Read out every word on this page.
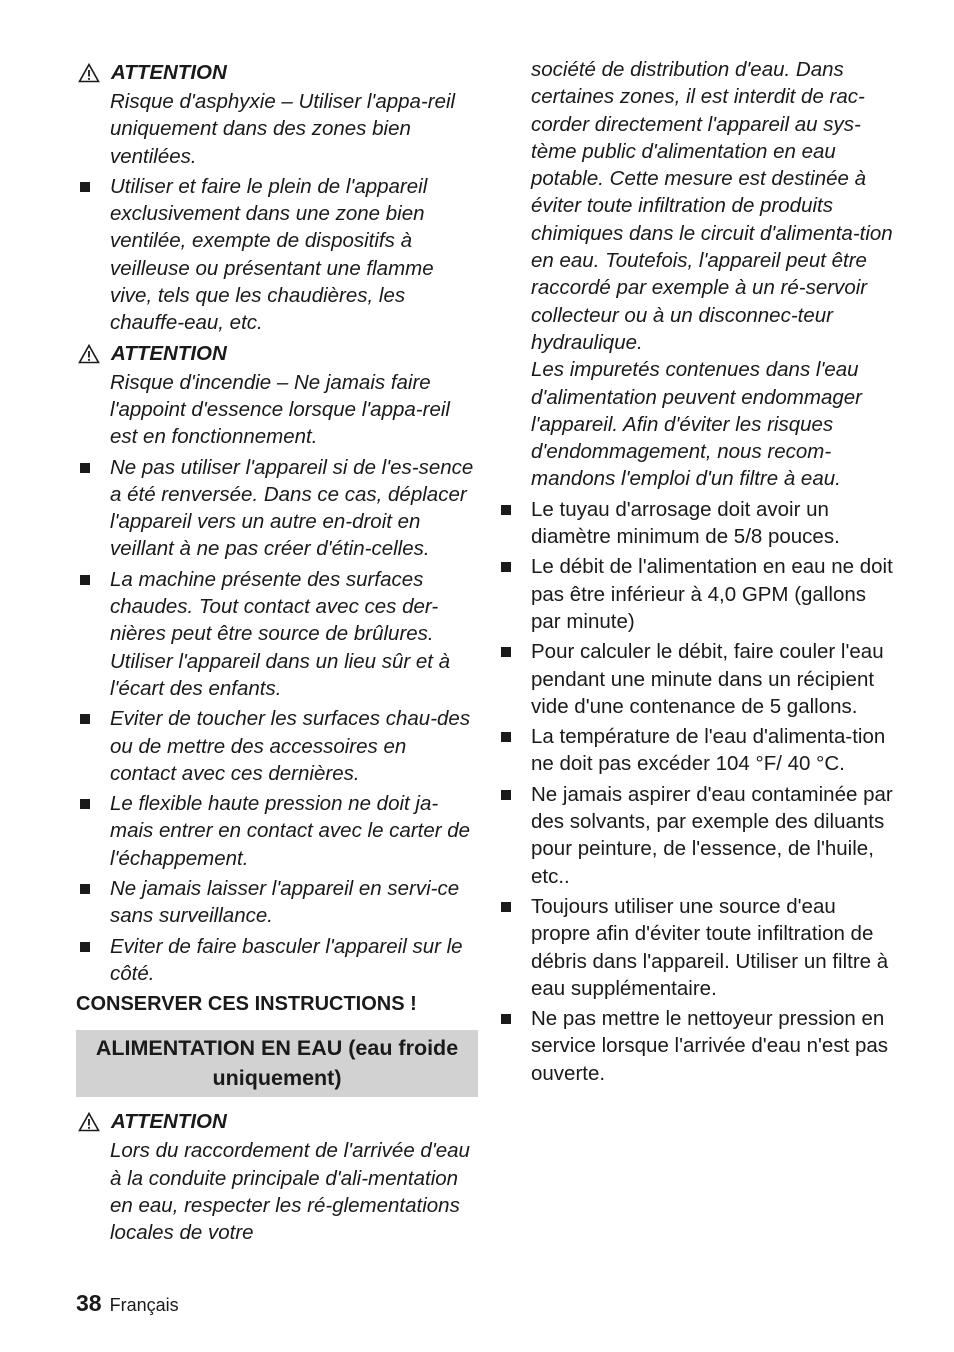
ATTENTION

Risque d'asphyxie – Utiliser l'appa-reil uniquement dans des zones bien ventilées.

Utiliser et faire le plein de l'appareil exclusivement dans une zone bien ventilée, exempte de dispositifs à veilleuse ou présentant une flamme vive, tels que les chaudières, les chauffe-eau, etc.
ATTENTION

Risque d'incendie – Ne jamais faire l'appoint d'essence lorsque l'appa-reil est en fonctionnement.

Ne pas utiliser l'appareil si de l'es-sence a été renversée. Dans ce cas, déplacer l'appareil vers un autre en-droit en veillant à ne pas créer d'étin-celles.
La machine présente des surfaces chaudes. Tout contact avec ces der-nières peut être source de brûlures. Utiliser l'appareil dans un lieu sûr et à l'écart des enfants.
Eviter de toucher les surfaces chau-des ou de mettre des accessoires en contact avec ces dernières.
Le flexible haute pression ne doit ja-mais entrer en contact avec le carter de l'échappement.
Ne jamais laisser l'appareil en servi-ce sans surveillance.
Eviter de faire basculer l'appareil sur le côté.
CONSERVER CES INSTRUCTIONS !
ALIMENTATION EN EAU (eau froide uniquement)
ATTENTION

Lors du raccordement de l'arrivée d'eau à la conduite principale d'ali-mentation en eau, respecter les ré-glementations locales de votre

société de distribution d'eau. Dans certaines zones, il est interdit de rac-corder directement l'appareil au sys-tème public d'alimentation en eau potable. Cette mesure est destinée à éviter toute infiltration de produits chimiques dans le circuit d'alimenta-tion en eau. Toutefois, l'appareil peut être raccordé par exemple à un ré-servoir collecteur ou à un disconnec-teur hydraulique.

Les impuretés contenues dans l'eau d'alimentation peuvent endommager l'appareil. Afin d'éviter les risques d'endommagement, nous recom-mandons l'emploi d'un filtre à eau.

Le tuyau d'arrosage doit avoir un diamètre minimum de 5/8 pouces.
Le débit de l'alimentation en eau ne doit pas être inférieur à 4,0 GPM (gallons par minute)
Pour calculer le débit, faire couler l'eau pendant une minute dans un récipient vide d'une contenance de 5 gallons.
La température de l'eau d'alimenta-tion ne doit pas excéder 104 °F/ 40 °C.
Ne jamais aspirer d'eau contaminée par des solvants, par exemple des diluants pour peinture, de l'essence, de l'huile, etc..
Toujours utiliser une source d'eau propre afin d'éviter toute infiltration de débris dans l'appareil. Utiliser un filtre à eau supplémentaire.
Ne pas mettre le nettoyeur pression en service lorsque l'arrivée d'eau n'est pas ouverte.
38 Français
